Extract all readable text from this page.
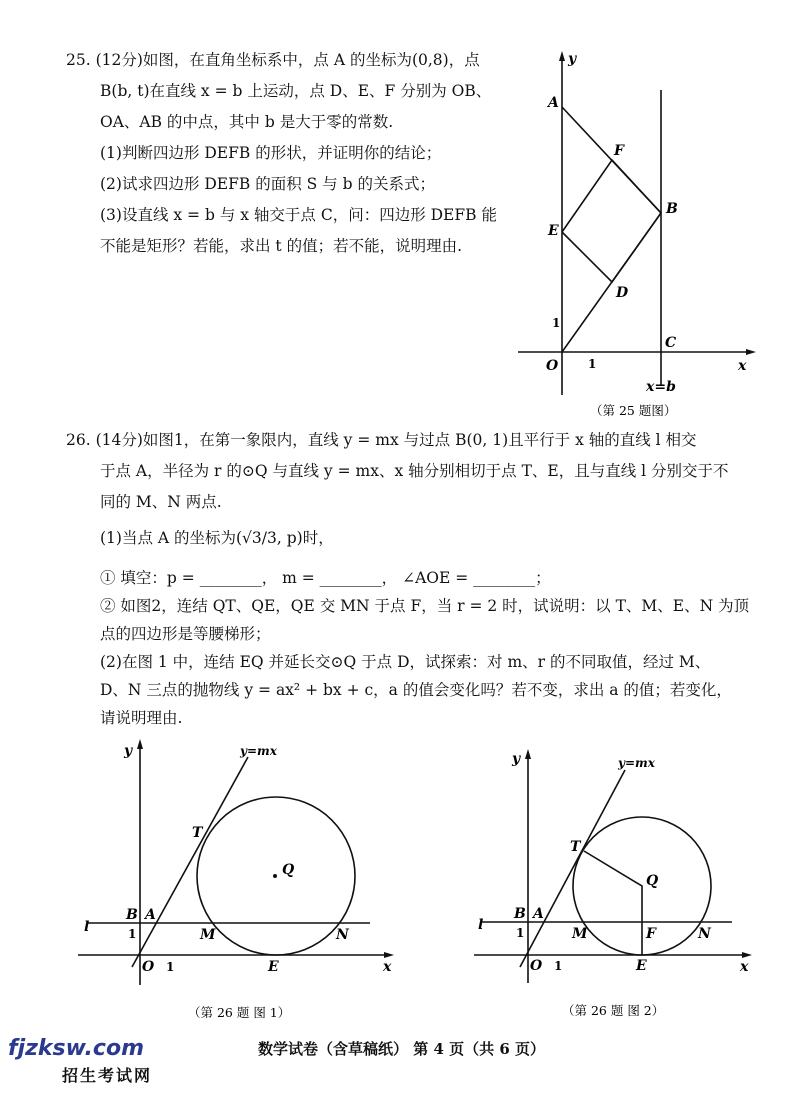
25. (12分)如图，在直角坐标系中，点 A 的坐标为(0,8)，点
B(b, t)在直线 x = b 上运动，点 D、E、F 分别为 OB、
OA、AB 的中点，其中 b 是大于零的常数.
(1)判断四边形 DEFB 的形状，并证明你的结论；
(2)试求四边形 DEFB 的面积 S 与 b 的关系式；
(3)设直线 x = b 与 x 轴交于点 C，问：四边形 DEFB 能
不能是矩形？若能，求出 t 的值；若不能，说明理由.
y
A
F
B
E
D
1
O 1
C
x=b
x
（第 25 题图）
26. (14分)如图1，在第一象限内，直线 y = mx 与过点 B(0, 1)且平行于 x 轴的直线 l 相交
于点 A，半径为 r 的⊙Q 与直线 y = mx、x 轴分别相切于点 T、E，且与直线 l 分别交于不
同的 M、N 两点.
(1)当点 A 的坐标为(√3/3, p)时，
① 填空：p = ________， m = ________， ∠AOE = ________；
② 如图2，连结 QT、QE，QE 交 MN 于点 F，当 r = 2 时，试说明：以 T、M、E、N 为顶
点的四边形是等腰梯形；
(2)在图 1 中，连结 EQ 并延长交⊙Q 于点 D，试探索：对 m、r 的不同取值，经过 M、
D、N 三点的抛物线 y = ax² + bx + c，a 的值会变化吗？若不变，求出 a 的值；若变化，
请说明理由.
y	y=mx
T
Q
B A
l	1	M	N
O 1	E	x
（第 26 题 图 1）
y	y=mx
T
Q
B A
l	1	M	F	N
O 1	E	x
（第 26 题 图 2）
数学试卷（含草稿纸） 第 4 页（共 6 页）
fjzksw.com
招生考试网
